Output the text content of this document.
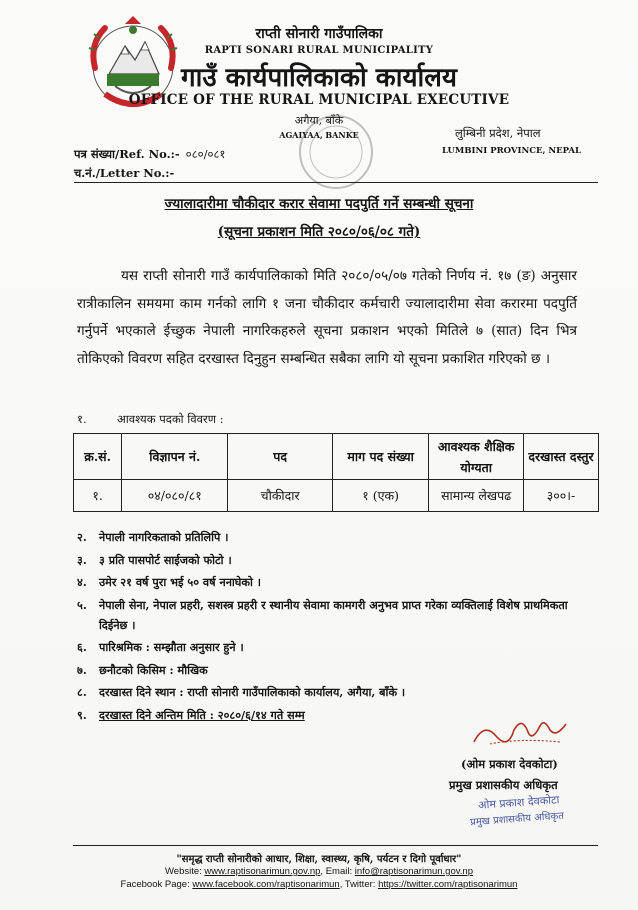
राप्ती सोनारी गाउँपालिका
RAPTI SONARI RURAL MUNICIPALITY
गाउँ कार्यपालिकाको कार्यालय
OFFICE OF THE RURAL MUNICIPAL EXECUTIVE
अगैया, बाँके
AGAIYAA, BANKE	लुम्बिनी प्रदेश, नेपाल
LUMBINI PROVINCE, NEPAL
पत्र संख्या/Ref. No.:- ०८०/०८१
च.नं./Letter No.:-
ज्यालादारीमा चौकीदार करार सेवामा पदपुर्ति गर्ने सम्बन्धी सूचना
(सूचना प्रकाशन मिति २०८०/०६/०८ गते)
यस राप्ती सोनारी गाउँ कार्यपालिकाको मिति २०८०/०५/०७ गतेको निर्णय नं. १७ (ङ) अनुसार रात्रीकालिन समयमा काम गर्नको लागि १ जना चौकीदार कर्मचारी ज्यालादारीमा सेवा करारमा पदपुर्ति गर्नुपर्ने भएकाले ईच्छुक नेपाली नागरिकहरुले सूचना प्रकाशन भएको मितिले ७ (सात) दिन भित्र तोकिएको विवरण सहित दरखास्त दिनुहुन सम्बन्धित सबैका लागि यो सूचना प्रकाशित गरिएको छ ।
१.	आवश्यक पदको विवरण :
क्र.सं.	विज्ञापन नं.	पद	माग पद संख्या	आवश्यक शैक्षिक योग्यता	दरखास्त दस्तुर
१.	०४/०८०/८१	चौकीदार	१ (एक)	सामान्य लेखपढ	३००।-
२. नेपाली नागरिकताको प्रतिलिपि ।
३. ३ प्रति पासपोर्ट साईजको फोटो ।
४. उमेर २१ वर्ष पुरा भई ५० वर्ष ननाघेको ।
५. नेपाली सेना, नेपाल प्रहरी, सशस्त्र प्रहरी र स्थानीय सेवामा कामगरी अनुभव प्राप्त गरेका व्यक्तिलाई विशेष प्राथमिकता दिईनेछ ।
६. पारिश्रमिक : सम्झौता अनुसार हुने ।
७. छनौटको किसिम : मौखिक
८. दरखास्त दिने स्थान : राप्ती सोनारी गाउँपालिकाको कार्यालय, अगैया, बाँके ।
९. दरखास्त दिने अन्तिम मिति : २०८०/६/१४ गते सम्म
(ओम प्रकाश देवकोटा)
प्रमुख प्रशासकीय अधिकृत
ओम प्रकाश देवकोटा
प्रमुख प्रशासकीय अधिकृत
"समृद्ध राप्ती सोनारीको आधार, शिक्षा, स्वास्थ्य, कृषि, पर्यटन र दिगो पूर्वाधार"
Website: www.raptisonarimun.gov.np, Email: info@raptisonarimun.gov.np
Facebook Page: www.facebook.com/raptisonarimun, Twitter: https://twitter.com/raptisonarimun
